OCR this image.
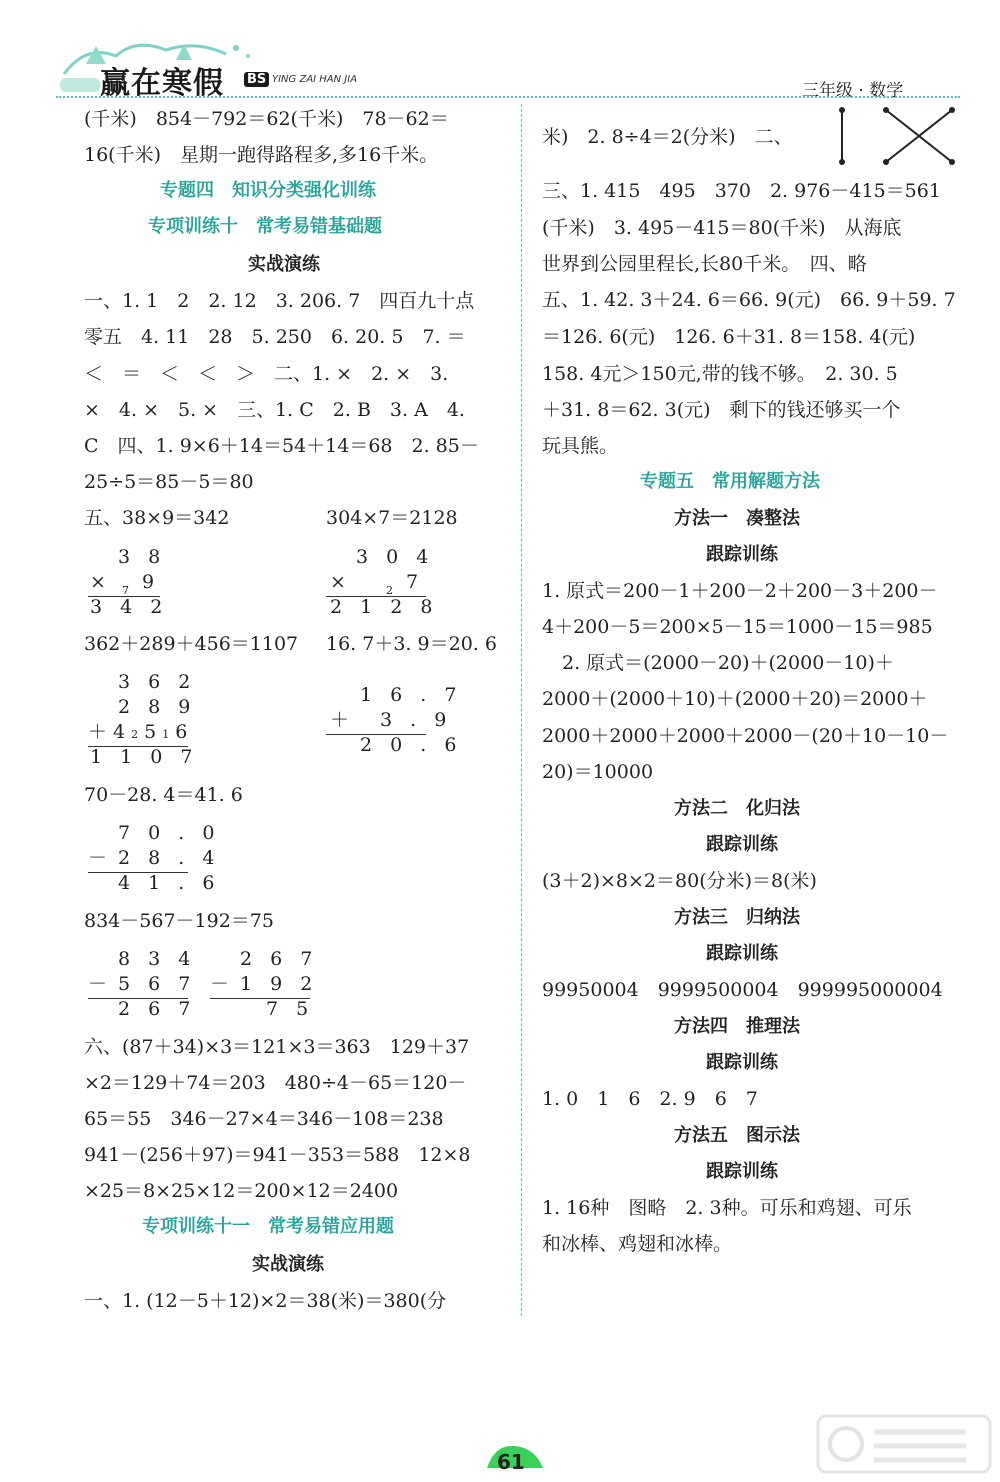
赢在寒假 BS YING ZAI HAN JIA
三年级 · 数学
(千米)　854－792＝62(千米)　78－62＝
16(千米)　星期一跑得路程多,多16千米。
专题四　知识分类强化训练
专项训练十　常考易错基础题
实战演练
一、1. 1　2　2. 12　3. 206. 7　四百九十点
零五　4. 11　28　5. 250　6. 20. 5　7. ＝
＜　＝　＜　＜　＞　二、1. ×　2. ×　3.
×　4. ×　5. ×　三、1. C　2. B　3. A　4.
C　四、1. 9×6＋14＝54＋14＝68　2. 85－
25÷5＝85－5＝80
五、38×9＝342	304×7＝2128
3 8
× 7 9
3 4 2
3 0 4
×	2 7
2 1 2 8
362＋289＋456＝1107 16. 7＋3. 9＝20. 6
3 6 2
2 8 9
＋42516
1 1 0 7
1 6 . 7
＋ 3 . 9
2 0 . 6
70－28. 4＝41. 6
7 0 . 0
－ 2 8 . 4
4 1 . 6
834－567－192＝75
8 3 4
－ 5 6 7
2 6 7
2 6 7
－ 1 9 2
7 5
六、(87＋34)×3＝121×3＝363　129＋37
×2＝129＋74＝203　480÷4－65＝120－
65＝55　346－27×4＝346－108＝238
941－(256＋97)＝941－353＝588　12×8
×25＝8×25×12＝200×12＝2400
专项训练十一　常考易错应用题
实战演练
一、1. (12－5＋12)×2＝38(米)＝380(分
米)　2. 8÷4＝2(分米)　二、
三、1. 415　495　370　2. 976－415＝561
(千米)　3. 495－415＝80(千米)　从海底
世界到公园里程长,长80千米。　四、略
五、1. 42. 3＋24. 6＝66. 9(元)　66. 9＋59. 7
＝126. 6(元)　126. 6＋31. 8＝158. 4(元)
158. 4元＞150元,带的钱不够。　2. 30. 5
＋31. 8＝62. 3(元)　剩下的钱还够买一个
玩具熊。
专题五　常用解题方法
方法一　凑整法
跟踪训练
1. 原式＝200－1＋200－2＋200－3＋200－
4＋200－5＝200×5－15＝1000－15＝985
2. 原式＝(2000－20)＋(2000－10)＋
2000＋(2000＋10)＋(2000＋20)＝2000＋
2000＋2000＋2000＋2000－(20＋10－10－
20)＝10000
方法二　化归法
跟踪训练
(3＋2)×8×2＝80(分米)＝8(米)
方法三　归纳法
跟踪训练
99950004　9999500004　999995000004
方法四　推理法
跟踪训练
1. 0　1　6　2. 9　6　7
方法五　图示法
跟踪训练
1. 16种　图略　2. 3种。可乐和鸡翅、可乐
和冰棒、鸡翅和冰棒。
61
